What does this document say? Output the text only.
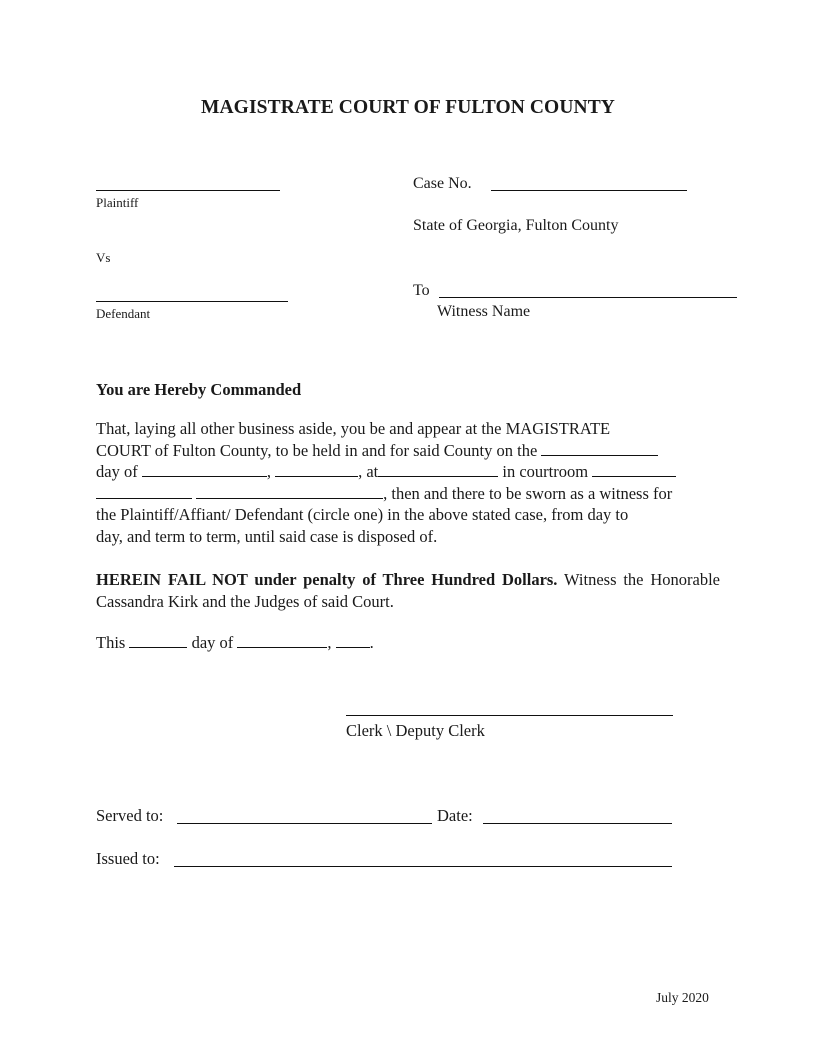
MAGISTRATE COURT OF FULTON COUNTY
Plaintiff
Vs
Defendant
Case No.
State of Georgia, Fulton County
To
Witness Name
You are Hereby Commanded
That, laying all other business aside, you be and appear at the MAGISTRATE
COURT of Fulton County, to be held in and for said County on the
day of	,	, at	in courtroom
, then and there to be sworn as a witness for
the Plaintiff/Affiant/ Defendant (circle one) in the above stated case, from day to
day, and term to term, until said case is disposed of.
HEREIN FAIL NOT under penalty of Three Hundred Dollars. Witness the Honorable Cassandra Kirk and the Judges of said Court.
This	day of	, .
Clerk \ Deputy Clerk
Served to:	Date:
Issued to:
July 2020
